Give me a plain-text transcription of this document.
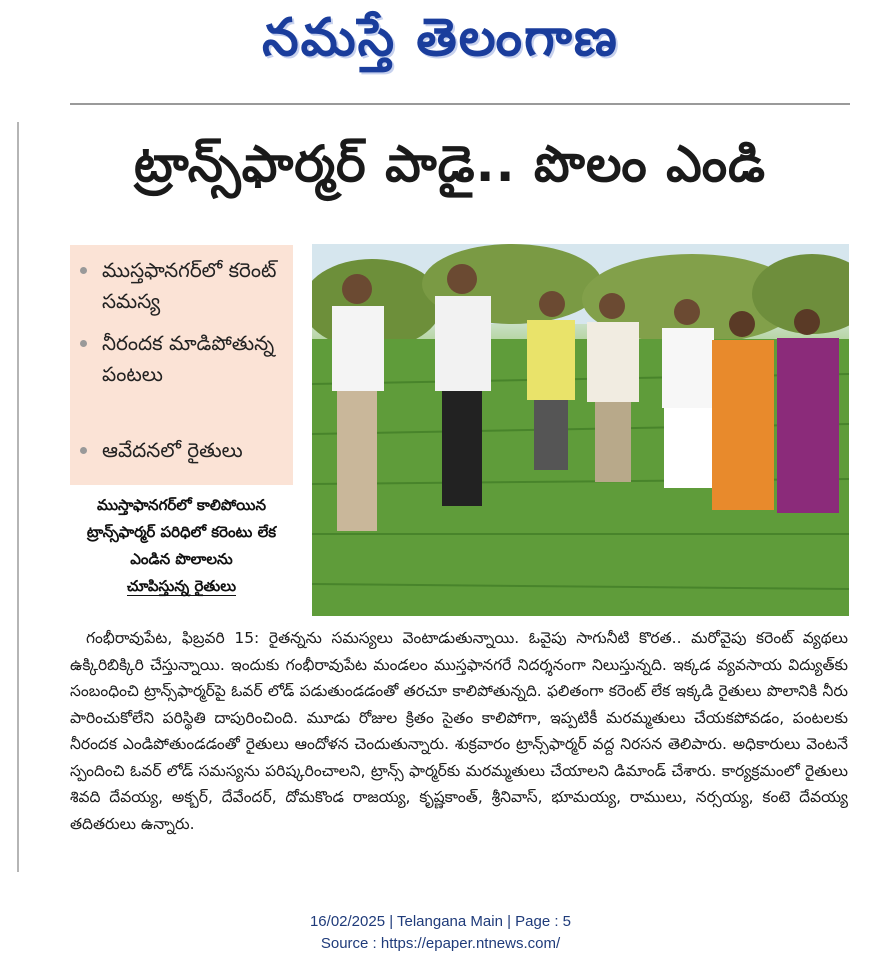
నమస్తే తెలంగాణ
ట్రాన్స్‌ఫార్మర్ పాడై.. పొలం ఎండి
ముస్తఫానగర్‌లో కరెంట్ సమస్య
నీరందక మాడిపోతున్న పంటలు
ఆవేదనలో రైతులు
ముస్తాఫానగర్‌లో కాలిపోయిన ట్రాన్స్‌ఫార్మర్ పరిధిలో కరెంటు లేక ఎండిన పొలాలను
చూపిస్తున్న రైతులు
గంభీరావుపేట, ఫిబ్రవరి 15: రైతన్నను సమస్యలు వెంటాడుతున్నాయి. ఓవైపు సాగునీటి కొరత.. మరోవైపు కరెంట్ వ్యథలు ఉక్కిరిబిక్కిరి చేస్తున్నాయి. ఇందుకు గంభీరావుపేట మండలం ముస్తఫానగరే నిదర్శనంగా నిలుస్తున్నది. ఇక్కడ వ్యవసాయ విద్యుత్‌కు సంబంధించి ట్రాన్స్‌ఫార్మర్‌పై ఓవర్ లోడ్ పడుతుండడంతో తరచూ కాలిపోతున్నది. ఫలితంగా కరెంట్ లేక ఇక్కడి రైతులు పొలానికి నీరు పారించుకోలేని పరిస్థితి దాపురించింది. మూడు రోజుల క్రితం సైతం కాలిపోగా, ఇప్పటికీ మరమ్మతులు చేయకపోవడం, పంటలకు నీరందక ఎండిపోతుండడంతో రైతులు ఆందోళన చెందుతున్నారు. శుక్రవారం ట్రాన్స్‌ఫార్మర్ వద్ద నిరసన తెలిపారు. అధికారులు వెంటనే స్పందించి ఓవర్ లోడ్ సమస్యను పరిష్కరించాలని, ట్రాన్స్ ఫార్మర్‌కు మరమ్మతులు చేయాలని డిమాండ్ చేశారు. కార్యక్రమంలో రైతులు శివది దేవయ్య, అక్బర్, దేవేందర్, దోమకొండ రాజయ్య, కృష్ణకాంత్, శ్రీనివాస్, భూమయ్య, రాములు, నర్సయ్య, కంటె దేవయ్య తదితరులు ఉన్నారు.
16/02/2025 | Telangana Main | Page : 5
Source : https://epaper.ntnews.com/
